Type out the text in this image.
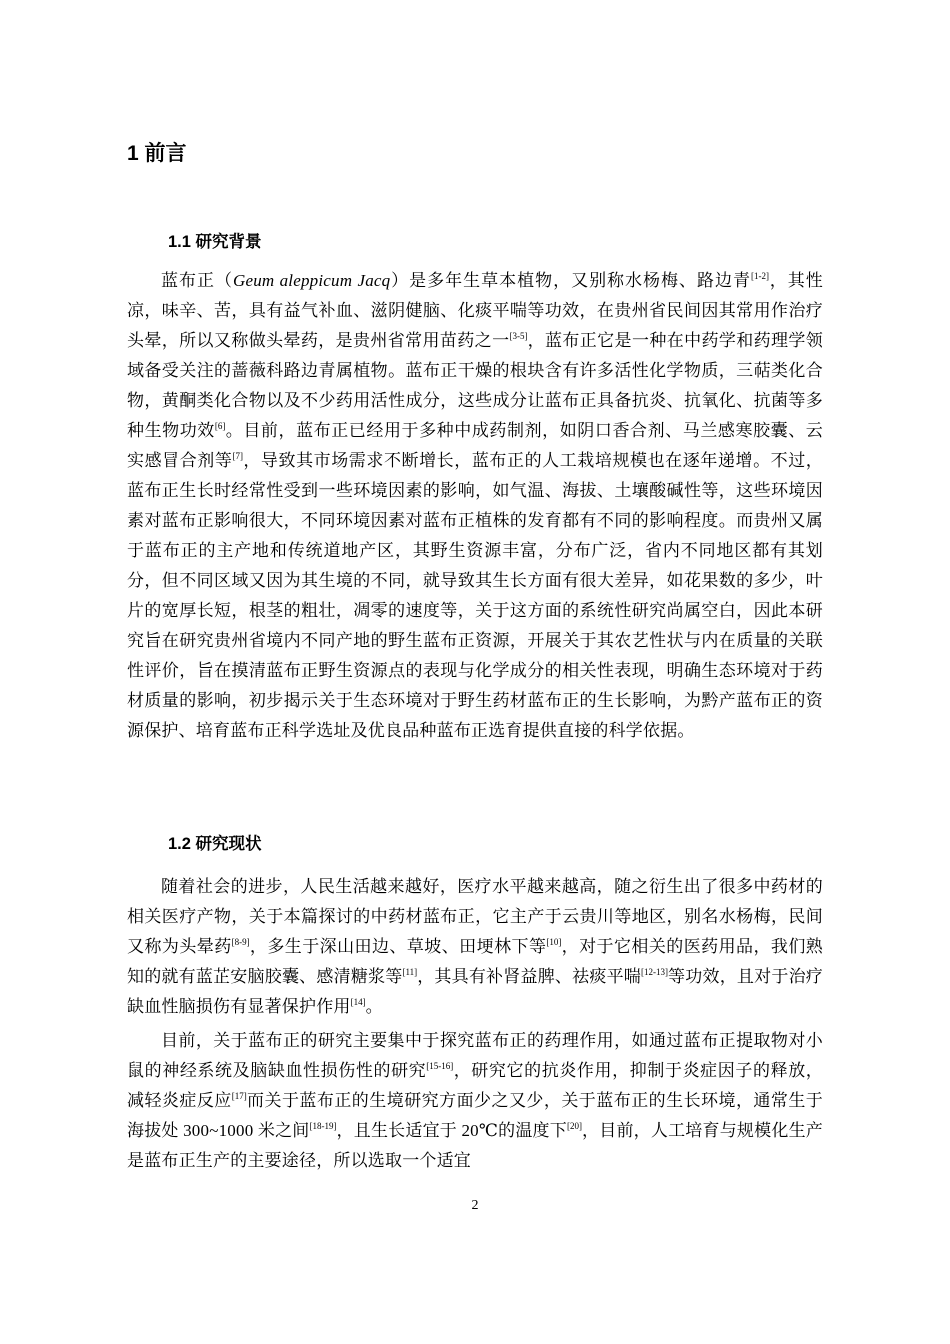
1 前言
1.1 研究背景

蓝布正（Geum aleppicum Jacq）是多年生草本植物，又别称水杨梅、路边青[1-2]，其性凉，味辛、苦，具有益气补血、滋阴健脑、化痰平喘等功效，在贵州省民间因其常用作治疗头晕，所以又称做头晕药，是贵州省常用苗药之一[3-5]，蓝布正它是一种在中药学和药理学领域备受关注的蔷薇科路边青属植物。蓝布正干燥的根块含有许多活性化学物质，三萜类化合物，黄酮类化合物以及不少药用活性成分，这些成分让蓝布正具备抗炎、抗氧化、抗菌等多种生物功效[6]。目前，蓝布正已经用于多种中成药制剂，如阴口香合剂、马兰感寒胶囊、云实感冒合剂等[7]，导致其市场需求不断增长，蓝布正的人工栽培规模也在逐年递增。不过，蓝布正生长时经常性受到一些环境因素的影响，如气温、海拔、土壤酸碱性等，这些环境因素对蓝布正影响很大，不同环境因素对蓝布正植株的发育都有不同的影响程度。而贵州又属于蓝布正的主产地和传统道地产区，其野生资源丰富，分布广泛，省内不同地区都有其划分，但不同区域又因为其生境的不同，就导致其生长方面有很大差异，如花果数的多少，叶片的宽厚长短，根茎的粗壮，凋零的速度等，关于这方面的系统性研究尚属空白，因此本研究旨在研究贵州省境内不同产地的野生蓝布正资源，开展关于其农艺性状与内在质量的关联性评价，旨在摸清蓝布正野生资源点的表现与化学成分的相关性表现，明确生态环境对于药材质量的影响，初步揭示关于生态环境对于野生药材蓝布正的生长影响，为黔产蓝布正的资源保护、培育蓝布正科学选址及优良品种蓝布正选育提供直接的科学依据。

1.2 研究现状

随着社会的进步，人民生活越来越好，医疗水平越来越高，随之衍生出了很多中药材的相关医疗产物，关于本篇探讨的中药材蓝布正，它主产于云贵川等地区，别名水杨梅，民间又称为头晕药[8-9]，多生于深山田边、草坡、田埂林下等[10]，对于它相关的医药用品，我们熟知的就有蓝芷安脑胶囊、感清糖浆等[11]，其具有补肾益脾、祛痰平喘[12-13]等功效，且对于治疗缺血性脑损伤有显著保护作用[14]。

目前，关于蓝布正的研究主要集中于探究蓝布正的药理作用，如通过蓝布正提取物对小鼠的神经系统及脑缺血性损伤性的研究[15-16]，研究它的抗炎作用，抑制于炎症因子的释放，减轻炎症反应[17]而关于蓝布正的生境研究方面少之又少，关于蓝布正的生长环境，通常生于海拔处 300~1000 米之间[18-19]，且生长适宜于 20℃的温度下[20]，目前，人工培育与规模化生产是蓝布正生产的主要途径，所以选取一个适宜

2
